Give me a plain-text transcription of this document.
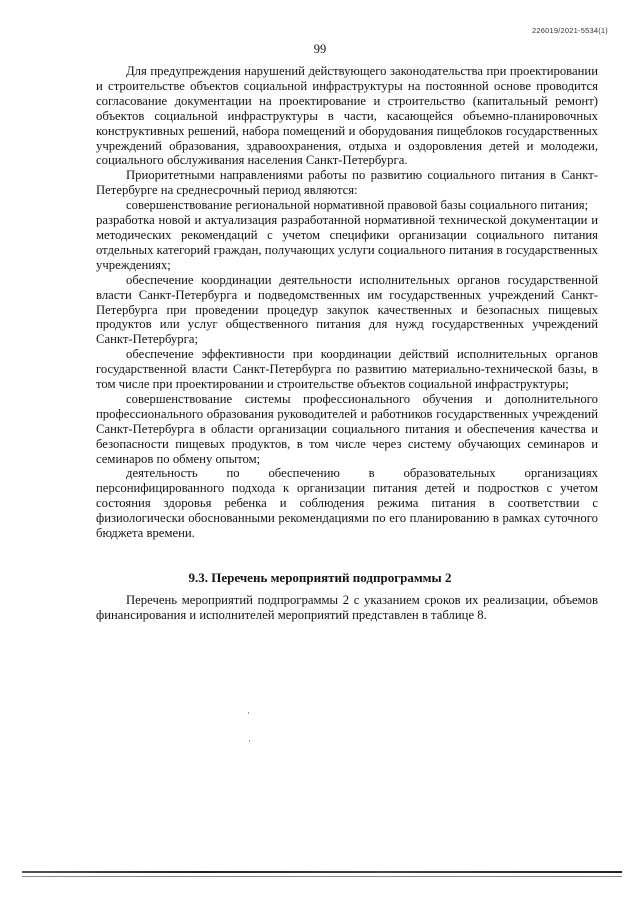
226019/2021-5534(1)
99

Для предупреждения нарушений действующего законодательства при проектировании и строительстве объектов социальной инфраструктуры на постоянной основе проводится согласование документации на проектирование и строительство (капитальный ремонт) объектов социальной инфраструктуры в части, касающейся объемно-планировочных конструктивных решений, набора помещений и оборудования пищеблоков государственных учреждений образования, здравоохранения, отдыха и оздоровления детей и молодежи, социального обслуживания населения Санкт-Петербурга.

Приоритетными направлениями работы по развитию социального питания в Санкт-Петербурге на среднесрочный период являются:

совершенствование региональной нормативной правовой базы социального питания;

разработка новой и актуализация разработанной нормативной технической документации и методических рекомендаций с учетом специфики организации социального питания отдельных категорий граждан, получающих услуги социального питания в государственных учреждениях;

обеспечение координации деятельности исполнительных органов государственной власти Санкт-Петербурга и подведомственных им государственных учреждений Санкт-Петербурга при проведении процедур закупок качественных и безопасных пищевых продуктов или услуг общественного питания для нужд государственных учреждений Санкт-Петербурга;

обеспечение эффективности при координации действий исполнительных органов государственной власти Санкт-Петербурга по развитию материально-технической базы, в том числе при проектировании и строительстве объектов социальной инфраструктуры;

совершенствование системы профессионального обучения и дополнительного профессионального образования руководителей и работников государственных учреждений Санкт-Петербурга в области организации социального питания и обеспечения качества и безопасности пищевых продуктов, в том числе через систему обучающих семинаров и семинаров по обмену опытом;

деятельность по обеспечению в образовательных организациях персонифицированного подхода к организации питания детей и подростков с учетом состояния здоровья ребенка и соблюдения режима питания в соответствии с физиологически обоснованными рекомендациями по его планированию в рамках суточного бюджета времени.

9.3. Перечень мероприятий подпрограммы 2

Перечень мероприятий подпрограммы 2 с указанием сроков их реализации, объемов финансирования и исполнителей мероприятий представлен в таблице 8.
